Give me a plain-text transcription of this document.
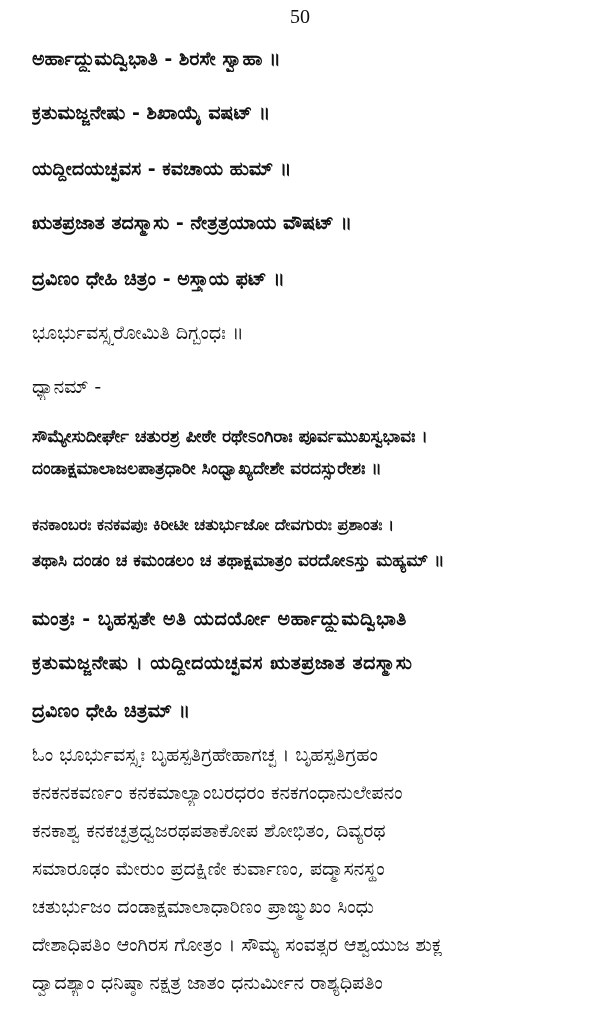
50
ಅರ್ಹಾದ್ದ್ಯುಮದ್ವಿಭಾತಿ - ಶಿರಸೇ ಸ್ವಾಹಾ ॥
ಕ್ರತುಮಜ್ಜನೇಷು - ಶಿಖಾಯೈ ವಷಟ್ ॥
ಯದ್ದೀದಯಚ್ಛವಸ - ಕವಚಾಯ ಹುಮ್ ॥
ಋತಪ್ರಜಾತ ತದಸ್ಮಾಸು - ನೇತ್ರತ್ರಯಾಯ ವೌಷಟ್ ॥
ದ್ರವಿಣಂ ಧೇಹಿ ಚಿತ್ರಂ - ಅಸ್ತ್ರಾಯ ಫಟ್ ॥
ಭೂರ್ಭುವಸ್ಸ್ವರೋಮಿತಿ ದಿಗ್ಬಂಧಃ ॥
ಧ್ಯಾನಮ್ -
ಸೌಮ್ಯೇಸುದೀರ್ಘೇ ಚತುರಶ್ರ ಪೀಠೇ ರಥೇಽಂಗಿರಾಃ ಪೂರ್ವಮುಖಸ್ವಭಾವಃ ।
ದಂಡಾಕ್ಷಮಾಲಾಜಲಪಾತ್ರಧಾರೀ ಸಿಂಧ್ವಾಖ್ಯದೇಶೇ ವರದಸ್ಸುರೇಶಃ ॥
ಕನಕಾಂಬರಃ ಕನಕವಪುಃ ಕಿರೀಟೀ ಚತುರ್ಭುಜೋ ದೇವಗುರುಃ ಪ್ರಶಾಂತಃ ।
ತಥಾಸಿ ದಂಡಂ ಚ ಕಮಂಡಲಂ ಚ ತಥಾಕ್ಷಮಾತ್ರಂ ವರದೋಽಸ್ತು ಮಹ್ಯಮ್ ॥
ಮಂತ್ರಃ - ಬೃಹಸ್ಪತೇ ಅತಿ ಯದರ್ಯೋ ಅರ್ಹಾದ್ದ್ಯುಮದ್ವಿಭಾತಿ
ಕ್ರತುಮಜ್ಜನೇಷು । ಯದ್ದೀದಯಚ್ಛವಸ ಋತಪ್ರಜಾತ ತದಸ್ಮಾಸು
ದ್ರವಿಣಂ ಧೇಹಿ ಚಿತ್ರಮ್ ॥
ಓಂ ಭೂರ್ಭುವಸ್ಸ್ವಃ ಬೃಹಸ್ಪತಿಗ್ರಹೇಹಾಗಚ್ಛ । ಬೃಹಸ್ಪತಿಗ್ರಹಂ
ಕನಕನಕವರ್ಣಂ ಕನಕಮಾಲ್ಯಾಂಬರಧರಂ ಕನಕಗಂಧಾನುಲೇಪನಂ
ಕನಕಾಶ್ವ ಕನಕಚ್ಛತ್ರಧ್ವಜರಥಪತಾಕೋಪ ಶೋಭಿತಂ, ದಿವ್ಯರಥ
ಸಮಾರೂಢಂ ಮೇರುಂ ಪ್ರದಕ್ಷಿಣೀ ಕುರ್ವಾಣಂ, ಪದ್ಮಾಸನಸ್ಥಂ
ಚತುರ್ಭುಜಂ ದಂಡಾಕ್ಷಮಾಲಾಧಾರಿಣಂ ಪ್ರಾಙ್ಮುಖಂ ಸಿಂಧು
ದೇಶಾಧಿಪತಿಂ ಆಂಗಿರಸ ಗೋತ್ರಂ । ಸೌಮ್ಯ ಸಂವತ್ಸರ ಆಶ್ವಯುಜ ಶುಕ್ಲ
ದ್ವಾದಶ್ಯಾಂ ಧನಿಷ್ಠಾ ನಕ್ಷತ್ರ ಜಾತಂ ಧನುರ್ಮೀನ ರಾಶ್ಯಧಿಪತಿಂ
